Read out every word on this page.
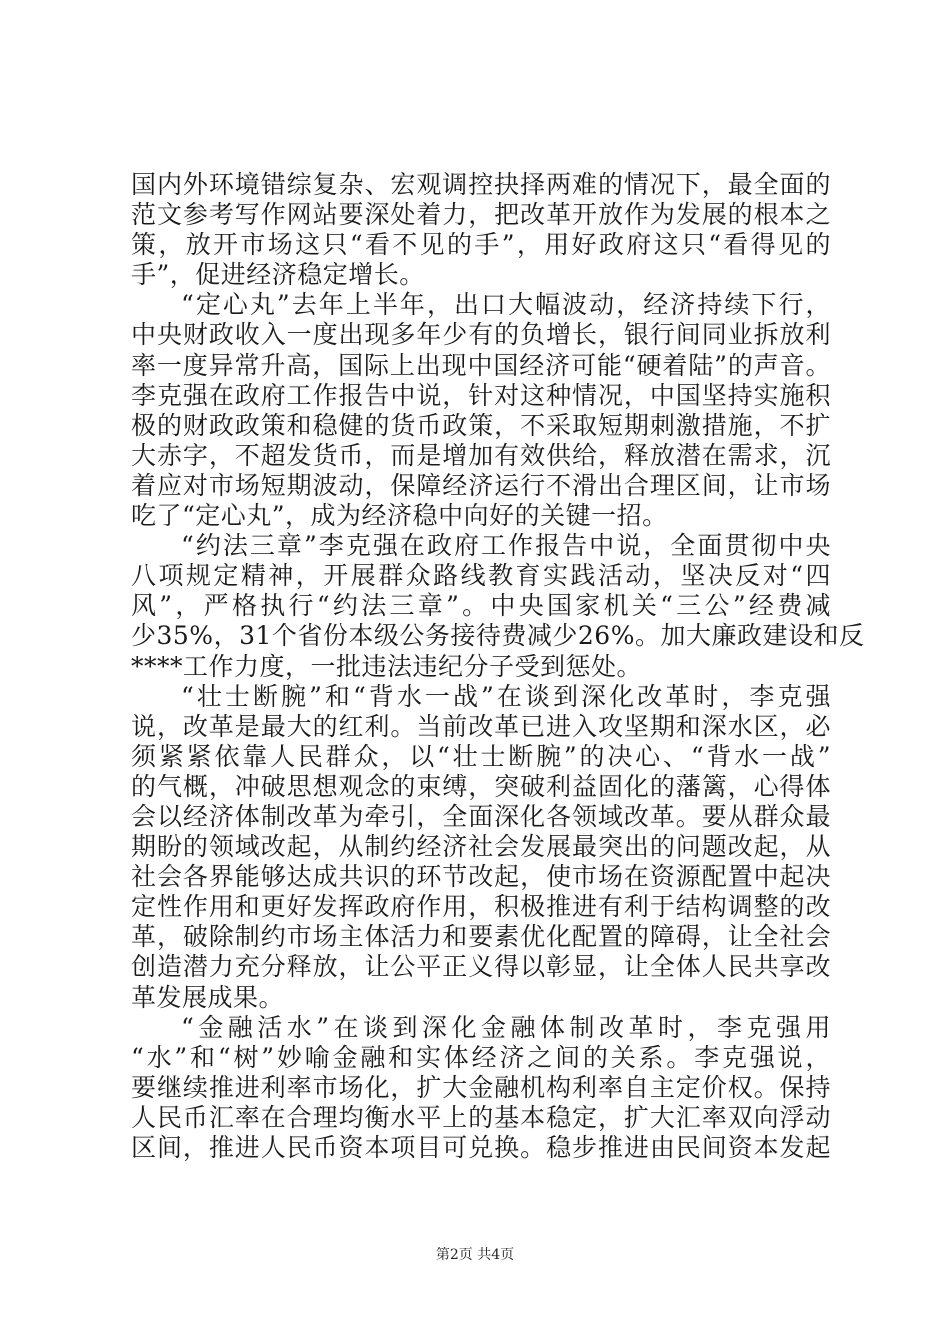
国内外环境错综复杂、宏观调控抉择两难的情况下，最全面的
范文参考写作网站要深处着力，把改革开放作为发展的根本之
策，放开市场这只“看不见的手”，用好政府这只“看得见的
手”，促进经济稳定增长。
“定心丸”去年上半年，出口大幅波动，经济持续下行，
中央财政收入一度出现多年少有的负增长，银行间同业拆放利
率一度异常升高，国际上出现中国经济可能“硬着陆”的声音。
李克强在政府工作报告中说，针对这种情况，中国坚持实施积
极的财政政策和稳健的货币政策，不采取短期刺激措施，不扩
大赤字，不超发货币，而是增加有效供给，释放潜在需求，沉
着应对市场短期波动，保障经济运行不滑出合理区间，让市场
吃了“定心丸”，成为经济稳中向好的关键一招。
“约法三章”李克强在政府工作报告中说，全面贯彻中央
八项规定精神，开展群众路线教育实践活动，坚决反对“四
风”，严格执行“约法三章”。中央国家机关“三公”经费减
少35%，31个省份本级公务接待费减少26%。加大廉政建设和反
****工作力度，一批违法违纪分子受到惩处。
“壮士断腕”和“背水一战”在谈到深化改革时，李克强
说，改革是最大的红利。当前改革已进入攻坚期和深水区，必
须紧紧依靠人民群众，以“壮士断腕”的决心、“背水一战”
的气概，冲破思想观念的束缚，突破利益固化的藩篱，心得体
会以经济体制改革为牵引，全面深化各领域改革。要从群众最
期盼的领域改起，从制约经济社会发展最突出的问题改起，从
社会各界能够达成共识的环节改起，使市场在资源配置中起决
定性作用和更好发挥政府作用，积极推进有利于结构调整的改
革，破除制约市场主体活力和要素优化配置的障碍，让全社会
创造潜力充分释放，让公平正义得以彰显，让全体人民共享改
革发展成果。
“金融活水”在谈到深化金融体制改革时，李克强用
“水”和“树”妙喻金融和实体经济之间的关系。李克强说，
要继续推进利率市场化，扩大金融机构利率自主定价权。保持
人民币汇率在合理均衡水平上的基本稳定，扩大汇率双向浮动
区间，推进人民币资本项目可兑换。稳步推进由民间资本发起
第2页 共4页
